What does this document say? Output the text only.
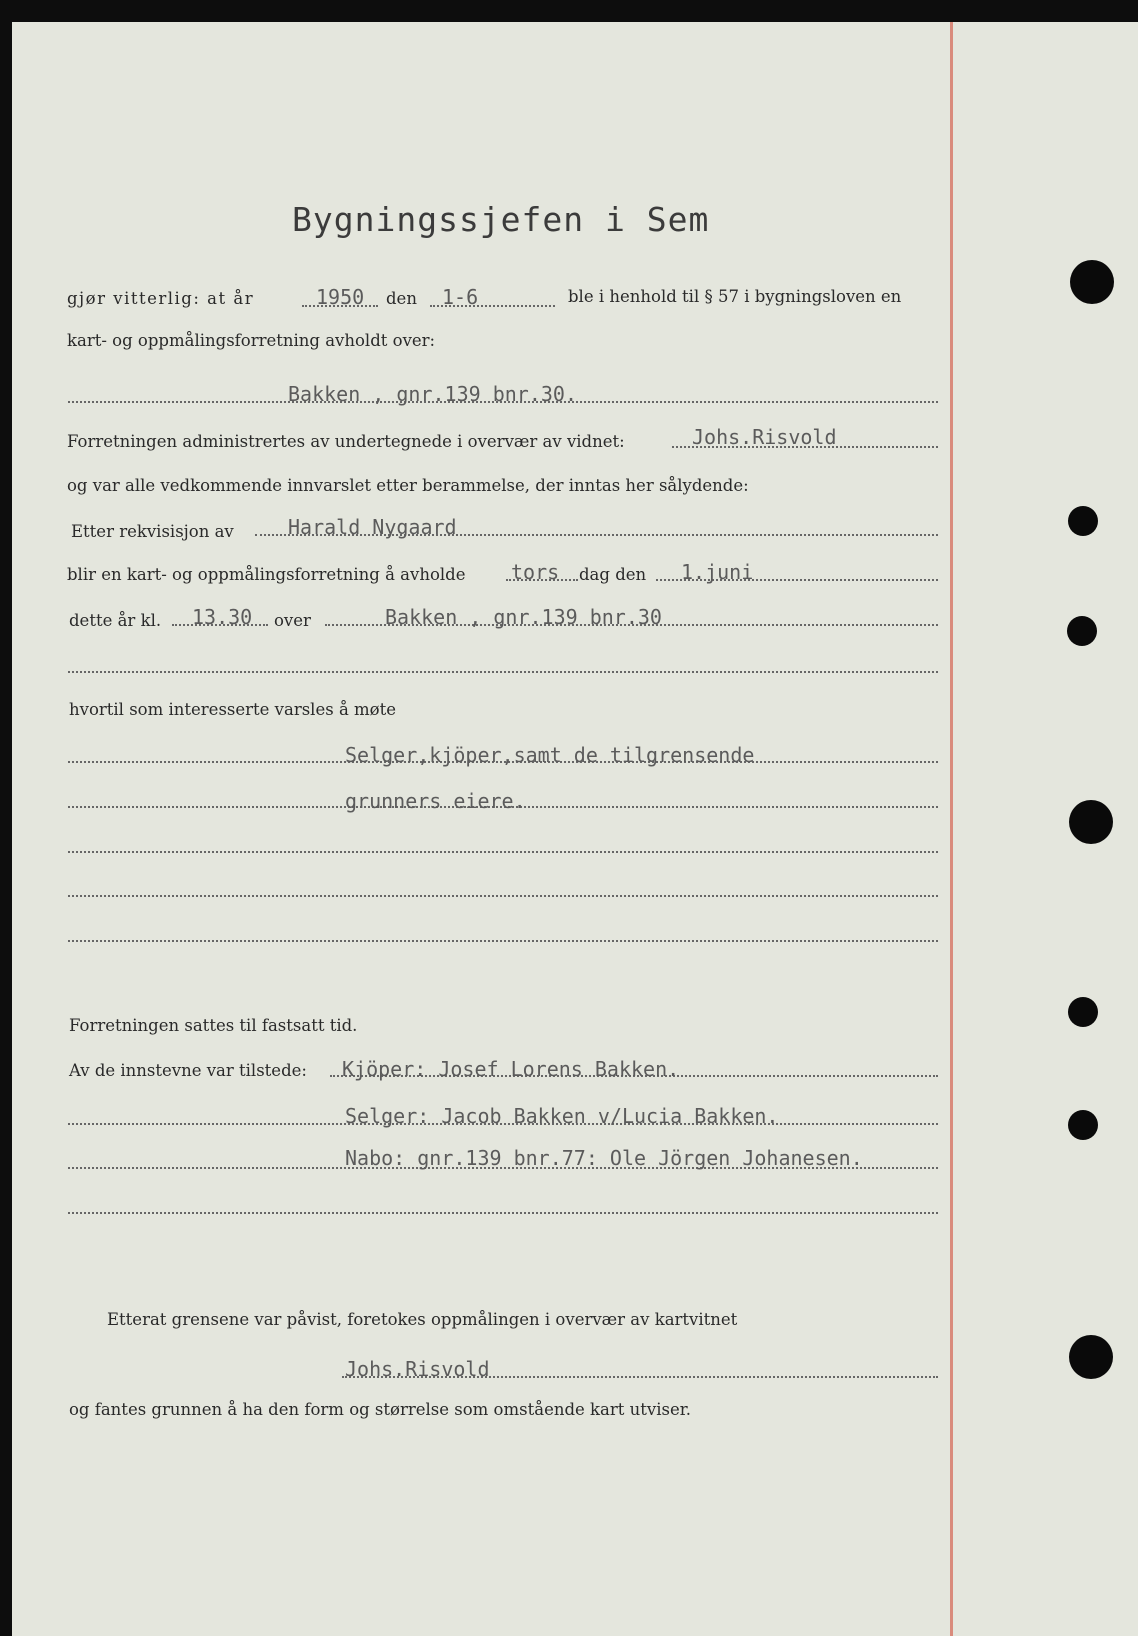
Bygningssjefen i Sem
gjør vitterlig: at år	1950 den 1-6	ble i henhold til § 57 i bygningsloven en
kart- og oppmålingsforretning avholdt over:
Bakken , gnr.139 bnr.30.
Forretningen administrertes av undertegnede i overvær av vidnet:	Johs.Risvold
og var alle vedkommende innvarslet etter berammelse, der inntas her sålydende:
Etter rekvisisjon av	Harald Nygaard
blir en kart- og oppmålingsforretning å avholde tors dag den 1.juni
dette år kl. 13.30 over	Bakken , gnr.139 bnr.30
hvortil som interesserte varsles å møte
Selger,kjöper,samt de tilgrensende
grunners eiere.
Forretningen sattes til fastsatt tid.
Av de innstevne var tilstede: Kjöper: Josef Lorens Bakken.
Selger: Jacob Bakken v/Lucia Bakken.
Nabo: gnr.139 bnr.77: Ole Jörgen Johanesen.
Etterat grensene var påvist, foretokes oppmålingen i overvær av kartvitnet
Johs.Risvold
og fantes grunnen å ha den form og størrelse som omstående kart utviser.
